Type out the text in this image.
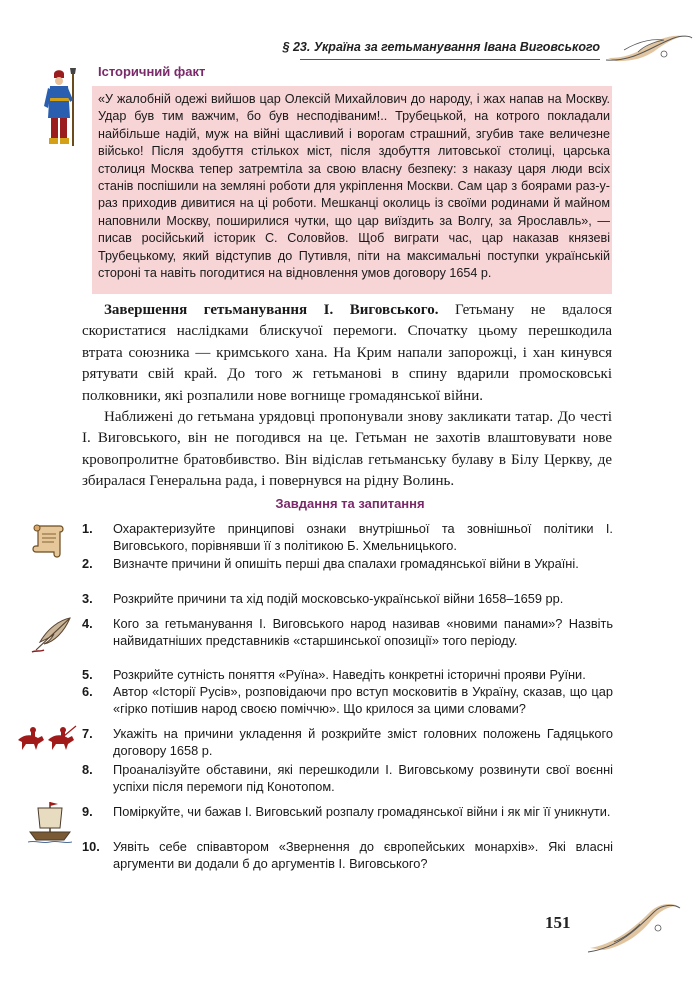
§ 23. Україна за гетьманування Івана Виговського
Історичний факт
«У жалобній одежі вийшов цар Олексій Михайлович до народу, і жах напав на Москву. Удар був тим важчим, бо був несподіваним!.. Трубецькой, на котрого покладали найбільше надій, муж на війні щасливий і ворогам страшний, згубив таке величезне військо! Після здобуття стількох міст, після здобуття литовської столиці, царська столиця Москва тепер затремтіла за свою власну безпеку: з наказу царя люди всіх станів поспішили на земляні роботи для укріплення Москви. Сам цар з боярами раз-у-раз приходив дивитися на ці роботи. Мешканці околиць із своїми родинами й майном наповнили Москву, поширилися чутки, що цар виїздить за Волгу, за Ярославль», — писав російський історик С. Соловйов. Щоб виграти час, цар наказав князеві Трубецькому, який відступив до Путивля, піти на максимальні поступки українській стороні та навіть погодитися на відновлення умов договору 1654 р.

Завершення гетьманування І. Виговського. Гетьману не вдалося скористатися наслідками блискучої перемоги. Спочатку цьому перешкодила втрата союзника — кримського хана. На Крим напали запорожці, і хан кинувся рятувати свій край. До того ж гетьманові в спину вдарили промосковські полковники, які розпалили нове вогнище громадянської війни.

Наближені до гетьмана урядовці пропонували знову закликати татар. До честі І. Виговського, він не погодився на це. Гетьман не захотів влаштовувати нове кровопролитне братовбивство. Він відіслав гетьманську булаву в Білу Церкву, де збиралася Генеральна рада, і повернувся на рідну Волинь.

Завдання та запитання
1.	Охарактеризуйте принципові ознаки внутрішньої та зовнішньої політики І. Виговського, порівнявши її з політикою Б. Хмельницького.
2.	Визначте причини й опишіть перші два спалахи громадянської війни в Україні.
3.	Розкрийте причини та хід подій московсько-української війни 1658–1659 рр.
4.	Кого за гетьманування І. Виговського народ називав «новими панами»? Назвіть найвидатніших представників «старшинської опозиції» того періоду.
5.	Розкрийте сутність поняття «Руїна». Наведіть конкретні історичні прояви Руїни.
6.	Автор «Історії Русів», розповідаючи про вступ московитів в Україну, сказав, що цар «гірко потішив народ своєю поміччю». Що крилося за цими словами?
7.	Укажіть на причини укладення й розкрийте зміст головних положень Гадяцького договору 1658 р.
8.	Проаналізуйте обставини, які перешкодили І. Виговському розвинути свої воєнні успіхи після перемоги під Конотопом.
9.	Поміркуйте, чи бажав І. Виговський розпалу громадянської війни і як міг її уникнути.
10.	Уявіть себе співавтором «Звернення до європейських монархів». Які власні аргументи ви додали б до аргументів І. Виговського?
151
